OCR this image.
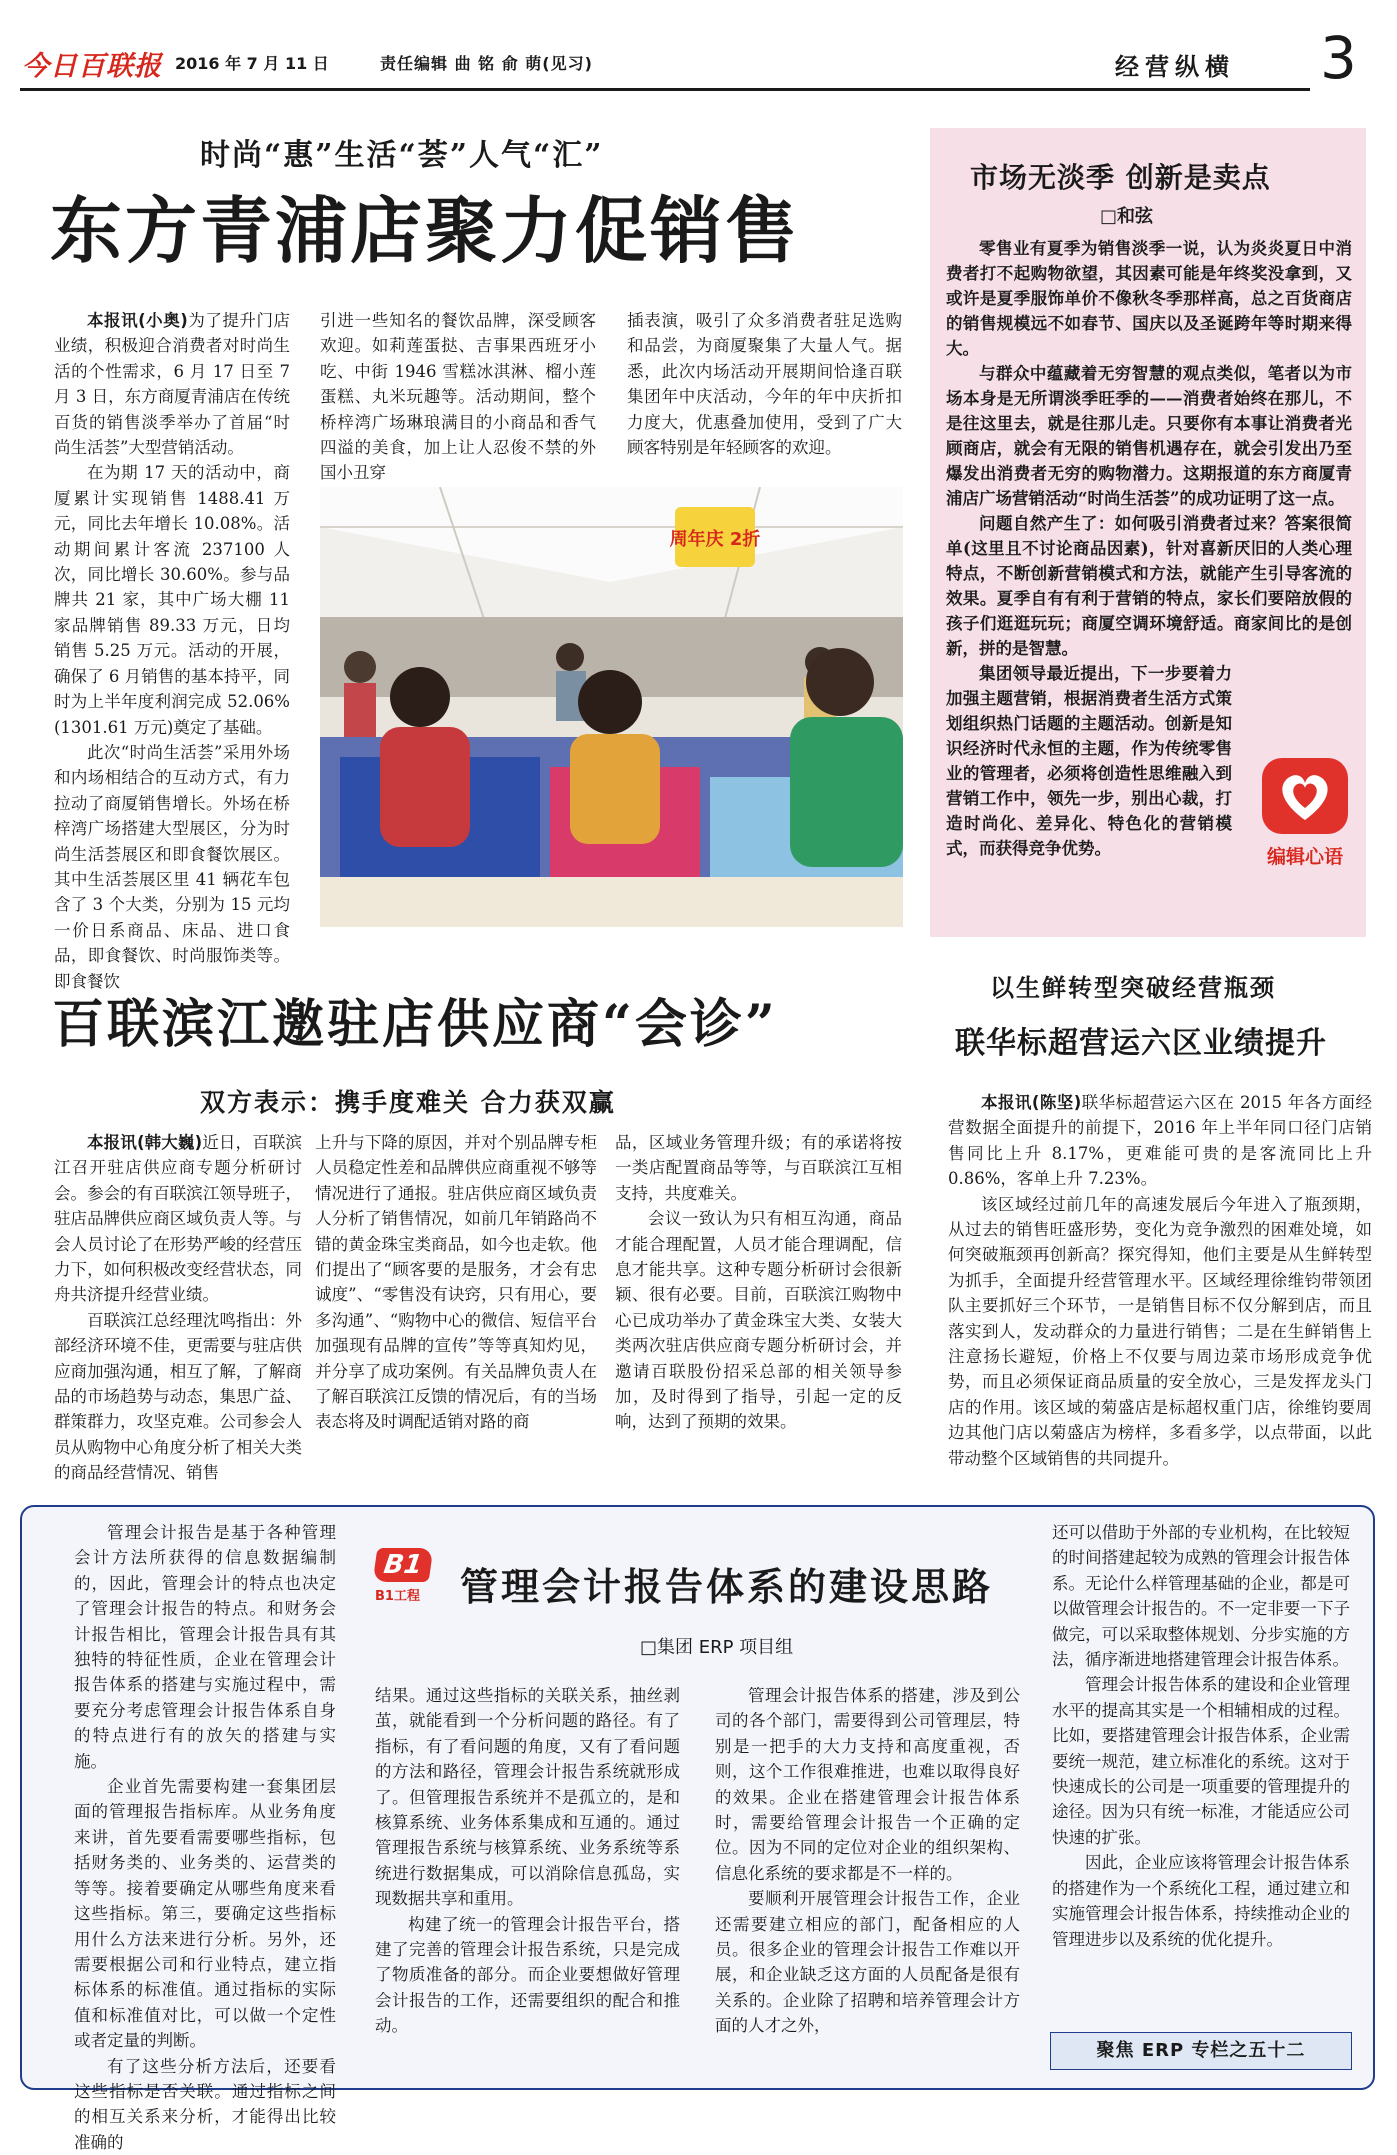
今日百联报 2016 年 7 月 11 日	责任编辑 曲 铭 俞 萌(见习)	经营纵横 3
时尚“惠”生活“荟”人气“汇”
东方青浦店聚力促销售

本报讯(小奥)为了提升门店业绩，积极迎合消费者对时尚生活的个性需求，6 月 17 日至 7 月 3 日，东方商厦青浦店在传统百货的销售淡季举办了首届“时尚生活荟”大型营销活动。

在为期 17 天的活动中，商厦累计实现销售 1488.41 万元，同比去年增长 10.08%。活动期间累计客流 237100 人次，同比增长 30.60%。参与品牌共 21 家，其中广场大棚 11 家品牌销售 89.33 万元，日均销售 5.25 万元。活动的开展，确保了 6 月销售的基本持平，同时为上半年度利润完成 52.06%(1301.61 万元)奠定了基础。

此次“时尚生活荟”采用外场和内场相结合的互动方式，有力拉动了商厦销售增长。外场在桥梓湾广场搭建大型展区，分为时尚生活荟展区和即食餐饮展区。其中生活荟展区里 41 辆花车包含了 3 个大类，分别为 15 元均一价日系商品、床品、进口食品，即食餐饮、时尚服饰类等。即食餐饮

引进一些知名的餐饮品牌，深受顾客欢迎。如莉莲蛋挞、吉事果西班牙小吃、中街 1946 雪糕冰淇淋、榴小莲蛋糕、丸米玩趣等。活动期间，整个桥梓湾广场琳琅满目的小商品和香气四溢的美食，加上让人忍俊不禁的外国小丑穿

插表演，吸引了众多消费者驻足选购和品尝，为商厦聚集了大量人气。据悉，此次内场活动开展期间恰逢百联集团年中庆活动，今年的年中庆折扣力度大，优惠叠加使用，受到了广大顾客特别是年轻顾客的欢迎。

周年庆 2折
市场无淡季 创新是卖点
□和弦

零售业有夏季为销售淡季一说，认为炎炎夏日中消费者打不起购物欲望，其因素可能是年终奖没拿到，又或许是夏季服饰单价不像秋冬季那样高，总之百货商店的销售规模远不如春节、国庆以及圣诞跨年等时期来得大。

与群众中蕴藏着无穷智慧的观点类似，笔者以为市场本身是无所谓淡季旺季的——消费者始终在那儿，不是往这里去，就是往那儿走。只要你有本事让消费者光顾商店，就会有无限的销售机遇存在，就会引发出乃至爆发出消费者无穷的购物潜力。这期报道的东方商厦青浦店广场营销活动“时尚生活荟”的成功证明了这一点。

问题自然产生了：如何吸引消费者过来？答案很简单(这里且不讨论商品因素)，针对喜新厌旧的人类心理特点，不断创新营销模式和方法，就能产生引导客流的效果。夏季自有有利于营销的特点，家长们要陪放假的孩子们逛逛玩玩；商厦空调环境舒适。商家间比的是创新，拼的是智慧。

集团领导最近提出，下一步要着力加强主题营销，根据消费者生活方式策划组织热门话题的主题活动。创新是知识经济时代永恒的主题，作为传统零售业的管理者，必须将创造性思维融入到营销工作中，领先一步，别出心裁，打造时尚化、差异化、特色化的营销模式，而获得竞争优势。	编辑心语
百联滨江邀驻店供应商“会诊”
双方表示：携手度难关 合力获双赢

本报讯(韩大巍)近日，百联滨江召开驻店供应商专题分析研讨会。参会的有百联滨江领导班子，驻店品牌供应商区域负责人等。与会人员讨论了在形势严峻的经营压力下，如何积极改变经营状态，同舟共济提升经营业绩。

百联滨江总经理沈鸣指出：外部经济环境不佳，更需要与驻店供应商加强沟通，相互了解，了解商品的市场趋势与动态，集思广益、群策群力，攻坚克难。公司参会人员从购物中心角度分析了相关大类的商品经营情况、销售

上升与下降的原因，并对个别品牌专柜人员稳定性差和品牌供应商重视不够等情况进行了通报。驻店供应商区域负责人分析了销售情况，如前几年销路尚不错的黄金珠宝类商品，如今也走软。他们提出了“顾客要的是服务，才会有忠诚度”、“零售没有诀窍，只有用心，要多沟通”、“购物中心的微信、短信平台加强现有品牌的宣传”等等真知灼见，并分享了成功案例。有关品牌负责人在了解百联滨江反馈的情况后，有的当场表态将及时调配适销对路的商

品，区域业务管理升级；有的承诺将按一类店配置商品等等，与百联滨江互相支持，共度难关。

会议一致认为只有相互沟通，商品才能合理配置，人员才能合理调配，信息才能共享。这种专题分析研讨会很新颖、很有必要。目前，百联滨江购物中心已成功举办了黄金珠宝大类、女装大类两次驻店供应商专题分析研讨会，并邀请百联股份招采总部的相关领导参加，及时得到了指导，引起一定的反响，达到了预期的效果。

以生鲜转型突破经营瓶颈
联华标超营运六区业绩提升

本报讯(陈坚)联华标超营运六区在 2015 年各方面经营数据全面提升的前提下，2016 年上半年同口径门店销售同比上升 8.17%，更难能可贵的是客流同比上升 0.86%，客单上升 7.23%。

该区域经过前几年的高速发展后今年进入了瓶颈期，从过去的销售旺盛形势，变化为竞争激烈的困难处境，如何突破瓶颈再创新高？探究得知，他们主要是从生鲜转型为抓手，全面提升经营管理水平。区域经理徐维钧带领团队主要抓好三个环节，一是销售目标不仅分解到店，而且落实到人，发动群众的力量进行销售；二是在生鲜销售上注意扬长避短，价格上不仅要与周边菜市场形成竞争优势，而且必须保证商品质量的安全放心，三是发挥龙头门店的作用。该区域的菊盛店是标超权重门店，徐维钧要周边其他门店以菊盛店为榜样，多看多学，以点带面，以此带动整个区域销售的共同提升。

B1
B1工程	管理会计报告体系的建设思路
□集团 ERP 项目组

管理会计报告是基于各种管理会计方法所获得的信息数据编制的，因此，管理会计的特点也决定了管理会计报告的特点。和财务会计报告相比，管理会计报告具有其独特的特征性质，企业在管理会计报告体系的搭建与实施过程中，需要充分考虑管理会计报告体系自身的特点进行有的放矢的搭建与实施。

企业首先需要构建一套集团层面的管理报告指标库。从业务角度来讲，首先要看需要哪些指标，包括财务类的、业务类的、运营类的等等。接着要确定从哪些角度来看这些指标。第三，要确定这些指标用什么方法来进行分析。另外，还需要根据公司和行业特点，建立指标体系的标准值。通过指标的实际值和标准值对比，可以做一个定性或者定量的判断。

有了这些分析方法后，还要看这些指标是否关联。通过指标之间的相互关系来分析，才能得出比较准确的

结果。通过这些指标的关联关系，抽丝剥茧，就能看到一个分析问题的路径。有了指标，有了看问题的角度，又有了看问题的方法和路径，管理会计报告系统就形成了。但管理报告系统并不是孤立的，是和核算系统、业务体系集成和互通的。通过管理报告系统与核算系统、业务系统等系统进行数据集成，可以消除信息孤岛，实现数据共享和重用。

构建了统一的管理会计报告平台，搭建了完善的管理会计报告系统，只是完成了物质准备的部分。而企业要想做好管理会计报告的工作，还需要组织的配合和推动。

管理会计报告体系的搭建，涉及到公司的各个部门，需要得到公司管理层，特别是一把手的大力支持和高度重视，否则，这个工作很难推进，也难以取得良好的效果。企业在搭建管理会计报告体系时，需要给管理会计报告一个正确的定位。因为不同的定位对企业的组织架构、信息化系统的要求都是不一样的。

要顺利开展管理会计报告工作，企业还需要建立相应的部门，配备相应的人员。很多企业的管理会计报告工作难以开展，和企业缺乏这方面的人员配备是很有关系的。企业除了招聘和培养管理会计方面的人才之外，

还可以借助于外部的专业机构，在比较短的时间搭建起较为成熟的管理会计报告体系。无论什么样管理基础的企业，都是可以做管理会计报告的。不一定非要一下子做完，可以采取整体规划、分步实施的方法，循序渐进地搭建管理会计报告体系。

管理会计报告体系的建设和企业管理水平的提高其实是一个相辅相成的过程。比如，要搭建管理会计报告体系，企业需要统一规范，建立标准化的系统。这对于快速成长的公司是一项重要的管理提升的途径。因为只有统一标准，才能适应公司快速的扩张。

因此，企业应该将管理会计报告体系的搭建作为一个系统化工程，通过建立和实施管理会计报告体系，持续推动企业的管理进步以及系统的优化提升。

聚焦 ERP 专栏之五十二
